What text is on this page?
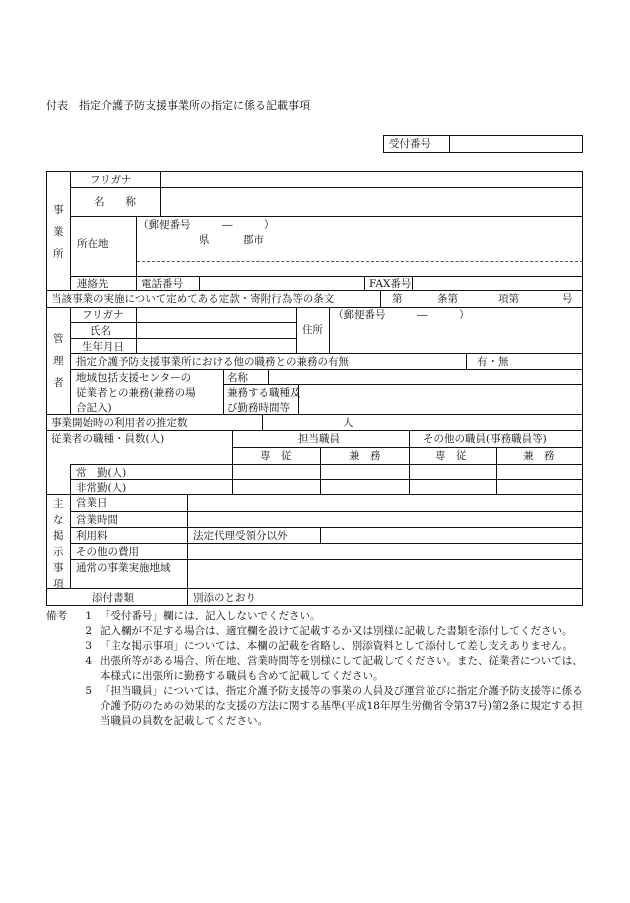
付表　指定介護予防支援事業所の指定に係る記載事項
受付番号
事
業
所
フリガナ
名　　称
所在地
（郵便番号　　　―　　　）
県	郡市
連絡先	電話番号	FAX番号
当該事業の実施について定めてある定款・寄附行為等の条文	第	条第	項第	号
管
理
者
フリガナ
氏名
生年月日
住所
（郵便番号　　　―　　　）
指定介護予防支援事業所における他の職務との兼務の有無	有・無
地域包括支援センターの
従業者との兼務(兼務の場
合記入)
名称
兼務する職種及
び勤務時間等
事業開始時の利用者の推定数	人
従業者の職種・員数(人)	担当職員	その他の職員(事務職員等)
専　従	兼　務	専　従	兼　務
常　勤(人)
非常勤(人)
主
な
掲
示
事
項
営業日
営業時間
利用料	法定代理受領分以外
その他の費用
通常の事業実施地域
添付書類	別添のとおり
備考	1 「受付番号」欄には、記入しないでください。
2 記入欄が不足する場合は、適宜欄を設けて記載するか又は別様に記載した書類を添付してください。
3 「主な掲示事項」については、本欄の記載を省略し、別添資料として添付して差し支えありません。
4 出張所等がある場合、所在地、営業時間等を別様にして記載してください。また、従業者については、本様式に出張所に勤務する職員も含めて記載してください。
5 「担当職員」については、指定介護予防支援等の事業の人員及び運営並びに指定介護予防支援等に係る介護予防のための効果的な支援の方法に関する基準(平成18年厚生労働省令第37号)第2条に規定する担当職員の員数を記載してください。
